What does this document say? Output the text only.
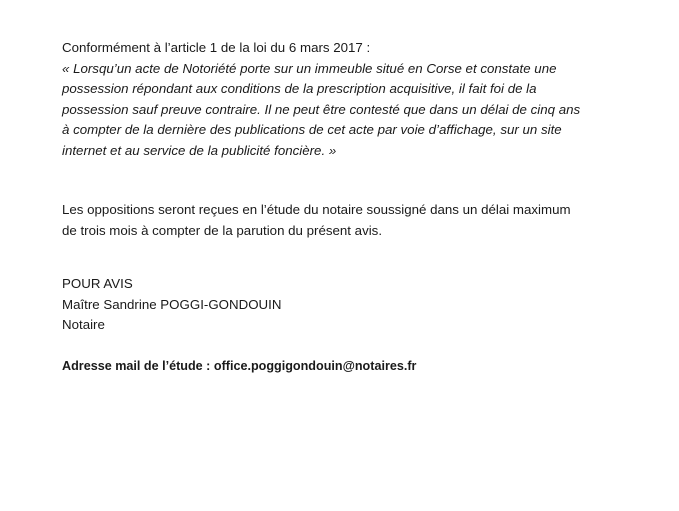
Conformément à l’article 1 de la loi du 6 mars 2017 :
« Lorsqu’un acte de Notoriété porte sur un immeuble situé en Corse et constate une
possession répondant aux conditions de la prescription acquisitive, il fait foi de la
possession sauf preuve contraire. Il ne peut être contesté que dans un délai de cinq ans
à compter de la dernière des publications de cet acte par voie d’affichage, sur un site
internet et au service de la publicité foncière. »
Les oppositions seront reçues en l’étude du notaire soussigné dans un délai maximum
de trois mois à compter de la parution du présent avis.
POUR AVIS
Maître Sandrine POGGI-GONDOUIN
Notaire
Adresse mail de l’étude : office.poggigondouin@notaires.fr
